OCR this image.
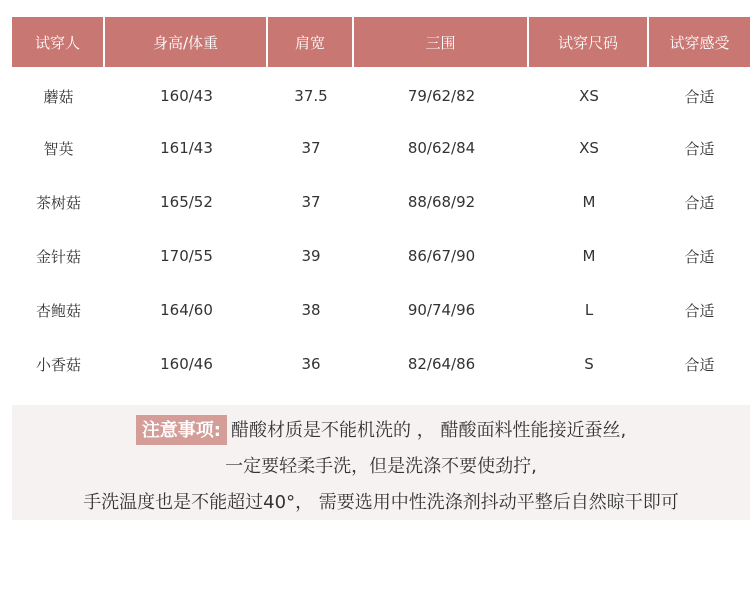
试穿人	身高/体重	肩宽	三围	试穿尺码	试穿感受
蘑菇	160/43	37.5	79/62/82	XS	合适
智英	161/43	37	80/62/84	XS	合适
茶树菇	165/52	37	88/68/92	M	合适
金针菇	170/55	39	86/67/90	M	合适
杏鲍菇	164/60	38	90/74/96	L	合适
小香菇	160/46	36	82/64/86	S	合适
注意事项: 醋酸材质是不能机洗的 ， 醋酸面料性能接近蚕丝,
一定要轻柔手洗，但是洗涤不要使劲拧,
手洗温度也是不能超过40°， 需要选用中性洗涤剂抖动平整后自然晾干即可
